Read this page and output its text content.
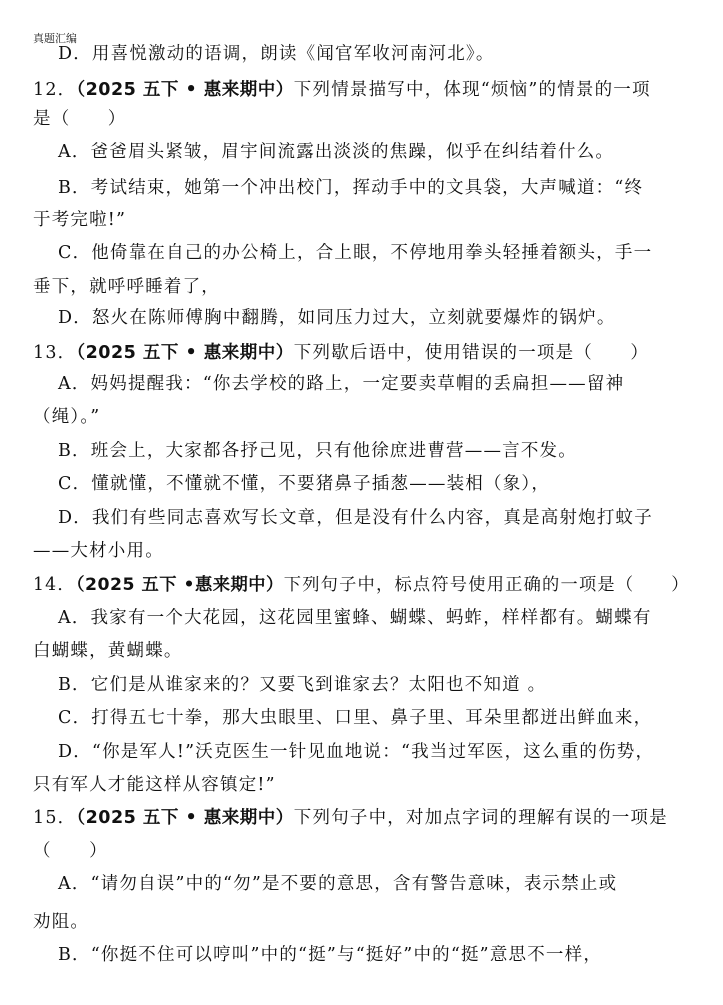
真题汇编
D．用喜悦激动的语调，朗读《闻官军收河南河北》。
12．（2025 五下 • 惠来期中）下列情景描写中，体现“烦恼”的情景的一项
是（　　）
A．爸爸眉头紧皱，眉宇间流露出淡淡的焦躁，似乎在纠结着什么。
B．考试结束，她第一个冲出校门，挥动手中的文具袋，大声喊道：“终
于考完啦!”
C．他倚靠在自己的办公椅上，合上眼，不停地用拳头轻捶着额头，手一
垂下，就呼呼睡着了，
D．怒火在陈师傅胸中翻腾，如同压力过大，立刻就要爆炸的锅炉。
13．（2025 五下 • 惠来期中）下列歇后语中，使用错误的一项是（　　）
A．妈妈提醒我：“你去学校的路上，一定要卖草帽的丢扁担——留神
（绳）。”
B．班会上，大家都各抒己见，只有他徐庶进曹营——言不发。
C．懂就懂，不懂就不懂，不要猪鼻子插葱——装相（象），
D．我们有些同志喜欢写长文章，但是没有什么内容，真是高射炮打蚊子
——大材小用。
14．（2025 五下 •惠来期中）下列句子中，标点符号使用正确的一项是（　　）
A．我家有一个大花园，这花园里蜜蜂、蝴蝶、蚂蚱，样样都有。蝴蝶有
白蝴蝶，黄蝴蝶。
B．它们是从谁家来的？又要飞到谁家去？太阳也不知道 。
C．打得五七十拳，那大虫眼里、口里、鼻子里、耳朵里都迸出鲜血来，
D．“你是军人!”沃克医生一针见血地说：“我当过军医，这么重的伤势，
只有军人才能这样从容镇定!”
15．（2025 五下 • 惠来期中）下列句子中，对加点字词的理解有误的一项是
（　　）
A．“请勿自误”中的“勿”是不要的意思，含有警告意味，表示禁止或
劝阻。
B．“你挺不住可以哼叫”中的“挺”与“挺好”中的“挺”意思不一样，
